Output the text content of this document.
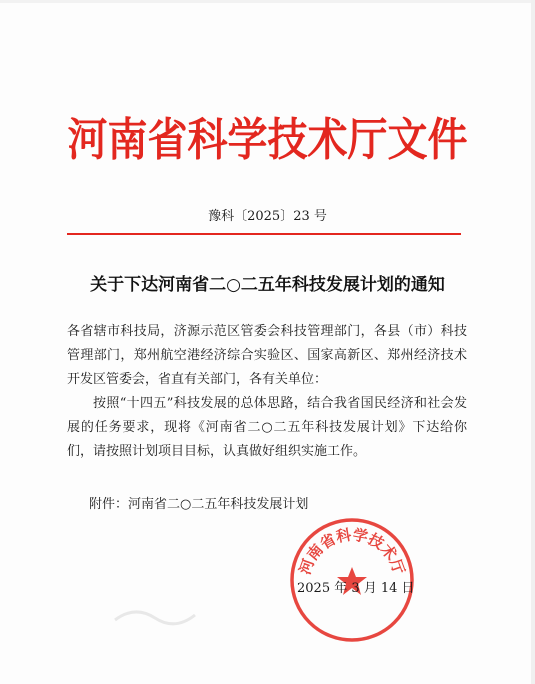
河南省科学技术厅文件
豫科〔2025〕23 号
关于下达河南省二○二五年科技发展计划的通知
各省辖市科技局，济源示范区管委会科技管理部门，各县（市）科技管理部门，郑州航空港经济综合实验区、国家高新区、郑州经济技术开发区管委会，省直有关部门，各有关单位：
按照“十四五”科技发展的总体思路，结合我省国民经济和社会发展的任务要求，现将《河南省二○二五年科技发展计划》下达给你们，请按照计划项目目标，认真做好组织实施工作。
附件：河南省二○二五年科技发展计划
河南省科学技术厅
2025 年 3 月 14 日
